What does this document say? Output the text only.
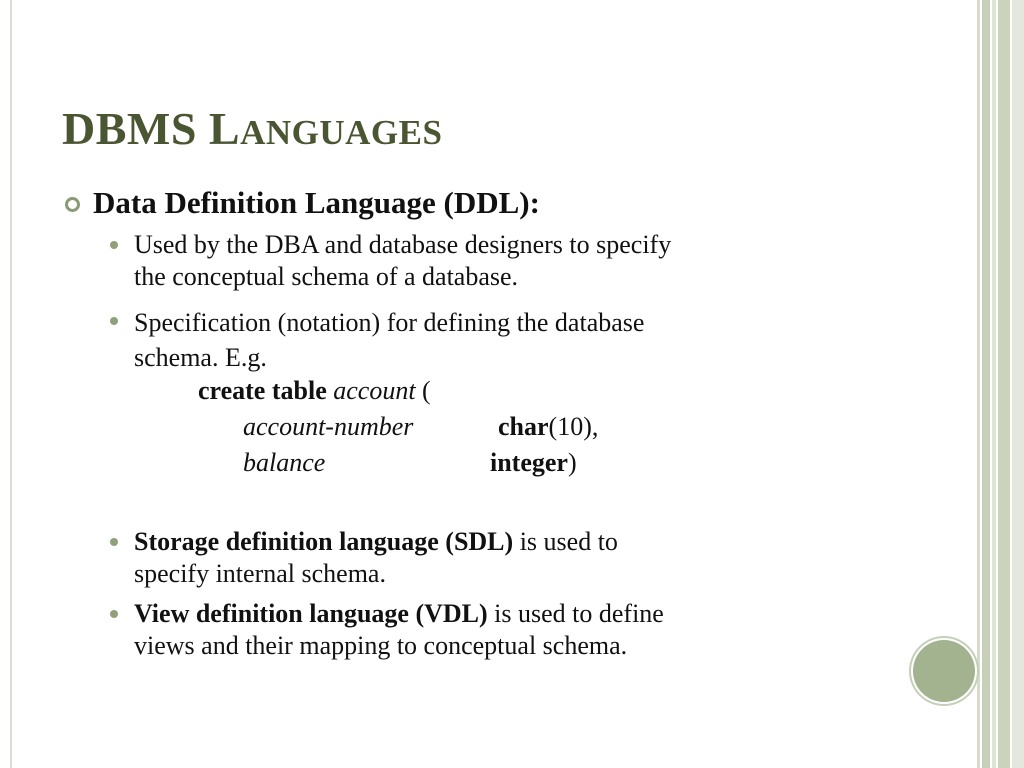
DBMS LANGUAGES
Data Definition Language (DDL):
Used by the DBA and database designers to specify
the conceptual schema of a database.
Specification (notation) for defining the database
schema. E.g.
create table account (
account-number	char(10),
balance	integer)
Storage definition language (SDL) is used to
specify internal schema.
View definition language (VDL) is used to define
views and their mapping to conceptual schema.
